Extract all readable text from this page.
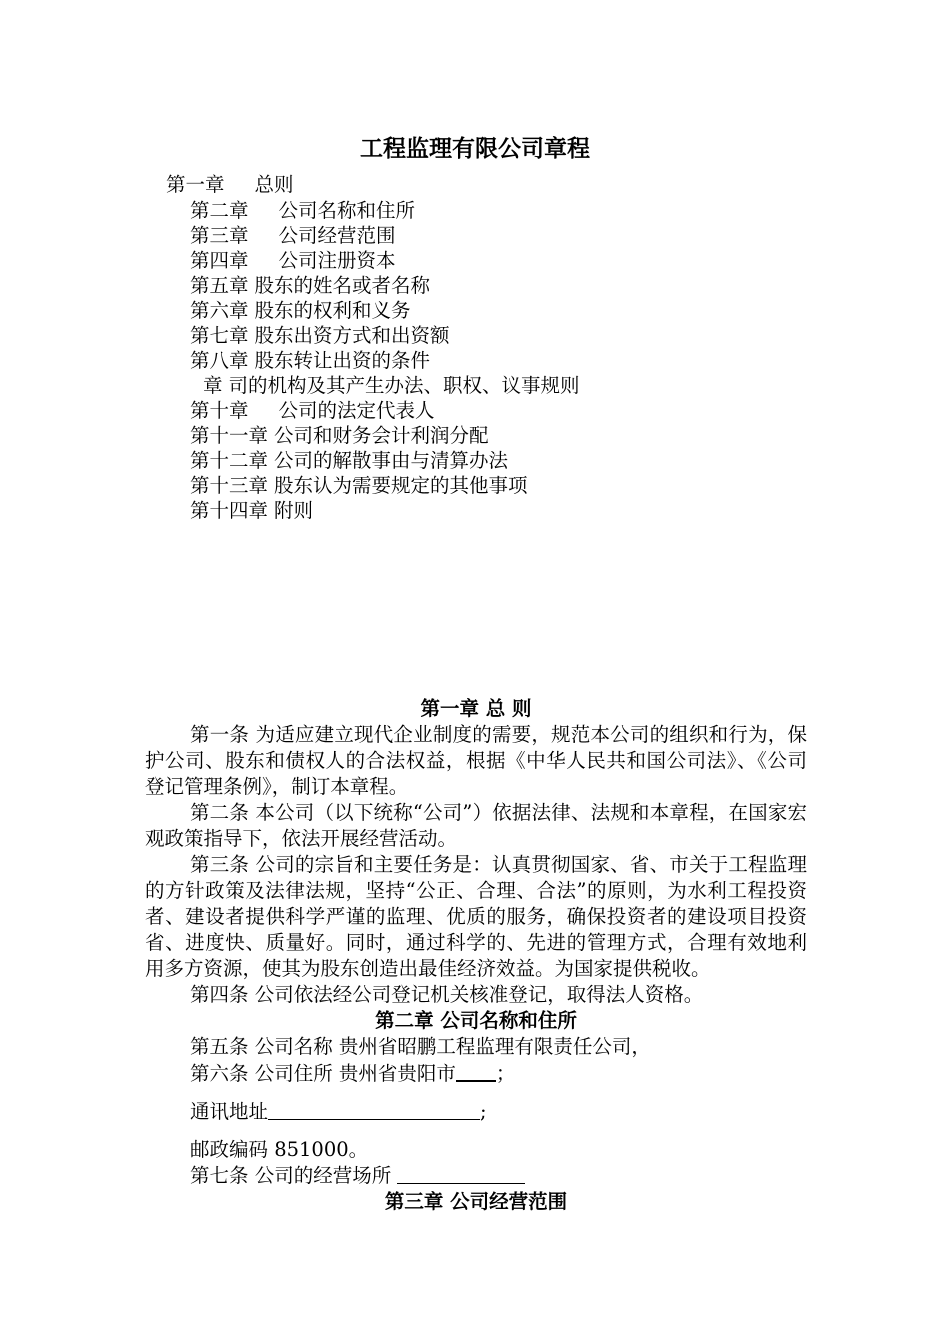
工程监理有限公司章程
第一章 总则
第二章 公司名称和住所
第三章 公司经营范围
第四章 公司注册资本
第五章 股东的姓名或者名称
第六章 股东的权利和义务
第七章 股东出资方式和出资额
第八章 股东转让出资的条件
章 司的机构及其产生办法、职权、议事规则
第十章 公司的法定代表人
第十一章 公司和财务会计利润分配
第十二章 公司的解散事由与清算办法
第十三章 股东认为需要规定的其他事项
第十四章 附则
第一章 总 则

第一条 为适应建立现代企业制度的需要，规范本公司的组织和行为，保护公司、股东和债权人的合法权益，根据《中华人民共和国公司法》、《公司登记管理条例》，制订本章程。

第二条 本公司（以下统称“公司”）依据法律、法规和本章程，在国家宏观政策指导下，依法开展经营活动。

第三条 公司的宗旨和主要任务是：认真贯彻国家、省、市关于工程监理的方针政策及法律法规，坚持“公正、合理、合法”的原则，为水利工程投资者、建设者提供科学严谨的监理、优质的服务，确保投资者的建设项目投资省、进度快、质量好。同时，通过科学的、先进的管理方式，合理有效地利用多方资源，使其为股东创造出最佳经济效益。为国家提供税收。

第四条 公司依法经公司登记机关核准登记，取得法人资格。

第二章 公司名称和住所

第五条 公司名称 贵州省昭鹏工程监理有限责任公司，

第六条 公司住所 贵州省贵阳市 ；

通讯地址	;

邮政编码 851000。

第七条 公司的经营场所

第三章 公司经营范围
